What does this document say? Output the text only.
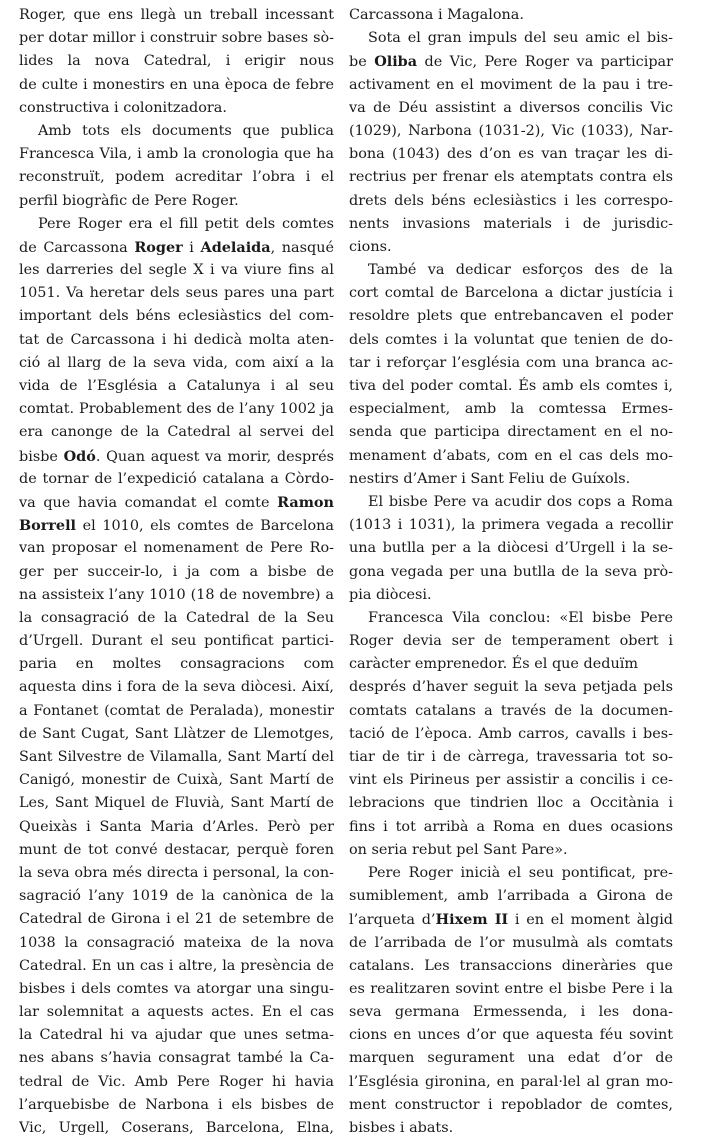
Roger, que ens llegà un treball incessant
per dotar millor i construir sobre bases sò-
lides la nova Catedral, i erigir nous
de culte i monestirs en una època de febre
constructiva i colonitzadora.
Amb tots els documents que publica
Francesca Vila, i amb la cronologia que ha
reconstruït, podem acreditar l’obra i el
perfil biogràfic de Pere Roger.
Pere Roger era el fill petit dels comtes
de Carcassona Roger i Adelaida, nasqué
les darreries del segle X i va viure fins al
1051. Va heretar dels seus pares una part
important dels béns eclesiàstics del com-
tat de Carcassona i hi dedicà molta aten-
ció al llarg de la seva vida, com així a la
vida de l’Església a Catalunya i al seu
comtat. Probablement des de l’any 1002 ja
era canonge de la Catedral al servei del
bisbe Odó. Quan aquest va morir, després
de tornar de l’expedició catalana a Còrdo-
va que havia comandat el comte Ramon
Borrell el 1010, els comtes de Barcelona
van proposar el nomenament de Pere Ro-
ger per succeir-lo, i ja com a bisbe de
na assisteix l’any 1010 (18 de novembre) a
la consagració de la Catedral de la Seu
d’Urgell. Durant el seu pontificat partici-
paria en moltes consagracions com
aquesta dins i fora de la seva diòcesi. Així,
a Fontanet (comtat de Peralada), monestir
de Sant Cugat, Sant Llàtzer de Llemotges,
Sant Silvestre de Vilamalla, Sant Martí del
Canigó, monestir de Cuixà, Sant Martí de
Les, Sant Miquel de Fluvià, Sant Martí de
Queixàs i Santa Maria d’Arles. Però per
munt de tot convé destacar, perquè foren
la seva obra més directa i personal, la con-
sagració l’any 1019 de la canònica de la
Catedral de Girona i el 21 de setembre de
1038 la consagració mateixa de la nova
Catedral. En un cas i altre, la presència de
bisbes i dels comtes va atorgar una singu-
lar solemnitat a aquests actes. En el cas
la Catedral hi va ajudar que unes setma-
nes abans s’havia consagrat també la Ca-
tedral de Vic. Amb Pere Roger hi havia
l’arquebisbe de Narbona i els bisbes de
Vic, Urgell, Coserans, Barcelona, Elna,
Carcassona i Magalona.
Sota el gran impuls del seu amic el bis-
be Oliba de Vic, Pere Roger va participar
activament en el moviment de la pau i tre-
va de Déu assistint a diversos concilis Vic
(1029), Narbona (1031-2), Vic (1033), Nar-
bona (1043) des d’on es van traçar les di-
rectrius per frenar els atemptats contra els
drets dels béns eclesiàstics i les correspo-
nents invasions materials i de jurisdic-
cions.
També va dedicar esforços des de la
cort comtal de Barcelona a dictar justícia i
resoldre plets que entrebancaven el poder
dels comtes i la voluntat que tenien de do-
tar i reforçar l’església com una branca ac-
tiva del poder comtal. És amb els comtes i,
especialment, amb la comtessa Ermes-
senda que participa directament en el no-
menament d’abats, com en el cas dels mo-
nestirs d’Amer i Sant Feliu de Guíxols.
El bisbe Pere va acudir dos cops a Roma
(1013 i 1031), la primera vegada a recollir
una butlla per a la diòcesi d’Urgell i la se-
gona vegada per una butlla de la seva prò-
pia diòcesi.
Francesca Vila conclou: «El bisbe Pere
Roger devia ser de temperament obert i
caràcter emprenedor. És el que deduïm
després d’haver seguit la seva petjada pels
comtats catalans a través de la documen-
tació de l’època. Amb carros, cavalls i bes-
tiar de tir i de càrrega, travessaria tot so-
vint els Pirineus per assistir a concilis i ce-
lebracions que tindrien lloc a Occitània i
fins i tot arribà a Roma en dues ocasions
on seria rebut pel Sant Pare».
Pere Roger inicià el seu pontificat, pre-
sumiblement, amb l’arribada a Girona de
l’arqueta d’Hixem II i en el moment àlgid
de l’arribada de l’or musulmà als comtats
catalans. Les transaccions dineràries que
es realitzaren sovint entre el bisbe Pere i la
seva germana Ermessenda, i les dona-
cions en unces d’or que aquesta féu sovint
marquen segurament una edat d’or de
l’Església gironina, en paral·lel al gran mo-
ment constructor i repoblador de comtes,
bisbes i abats.
